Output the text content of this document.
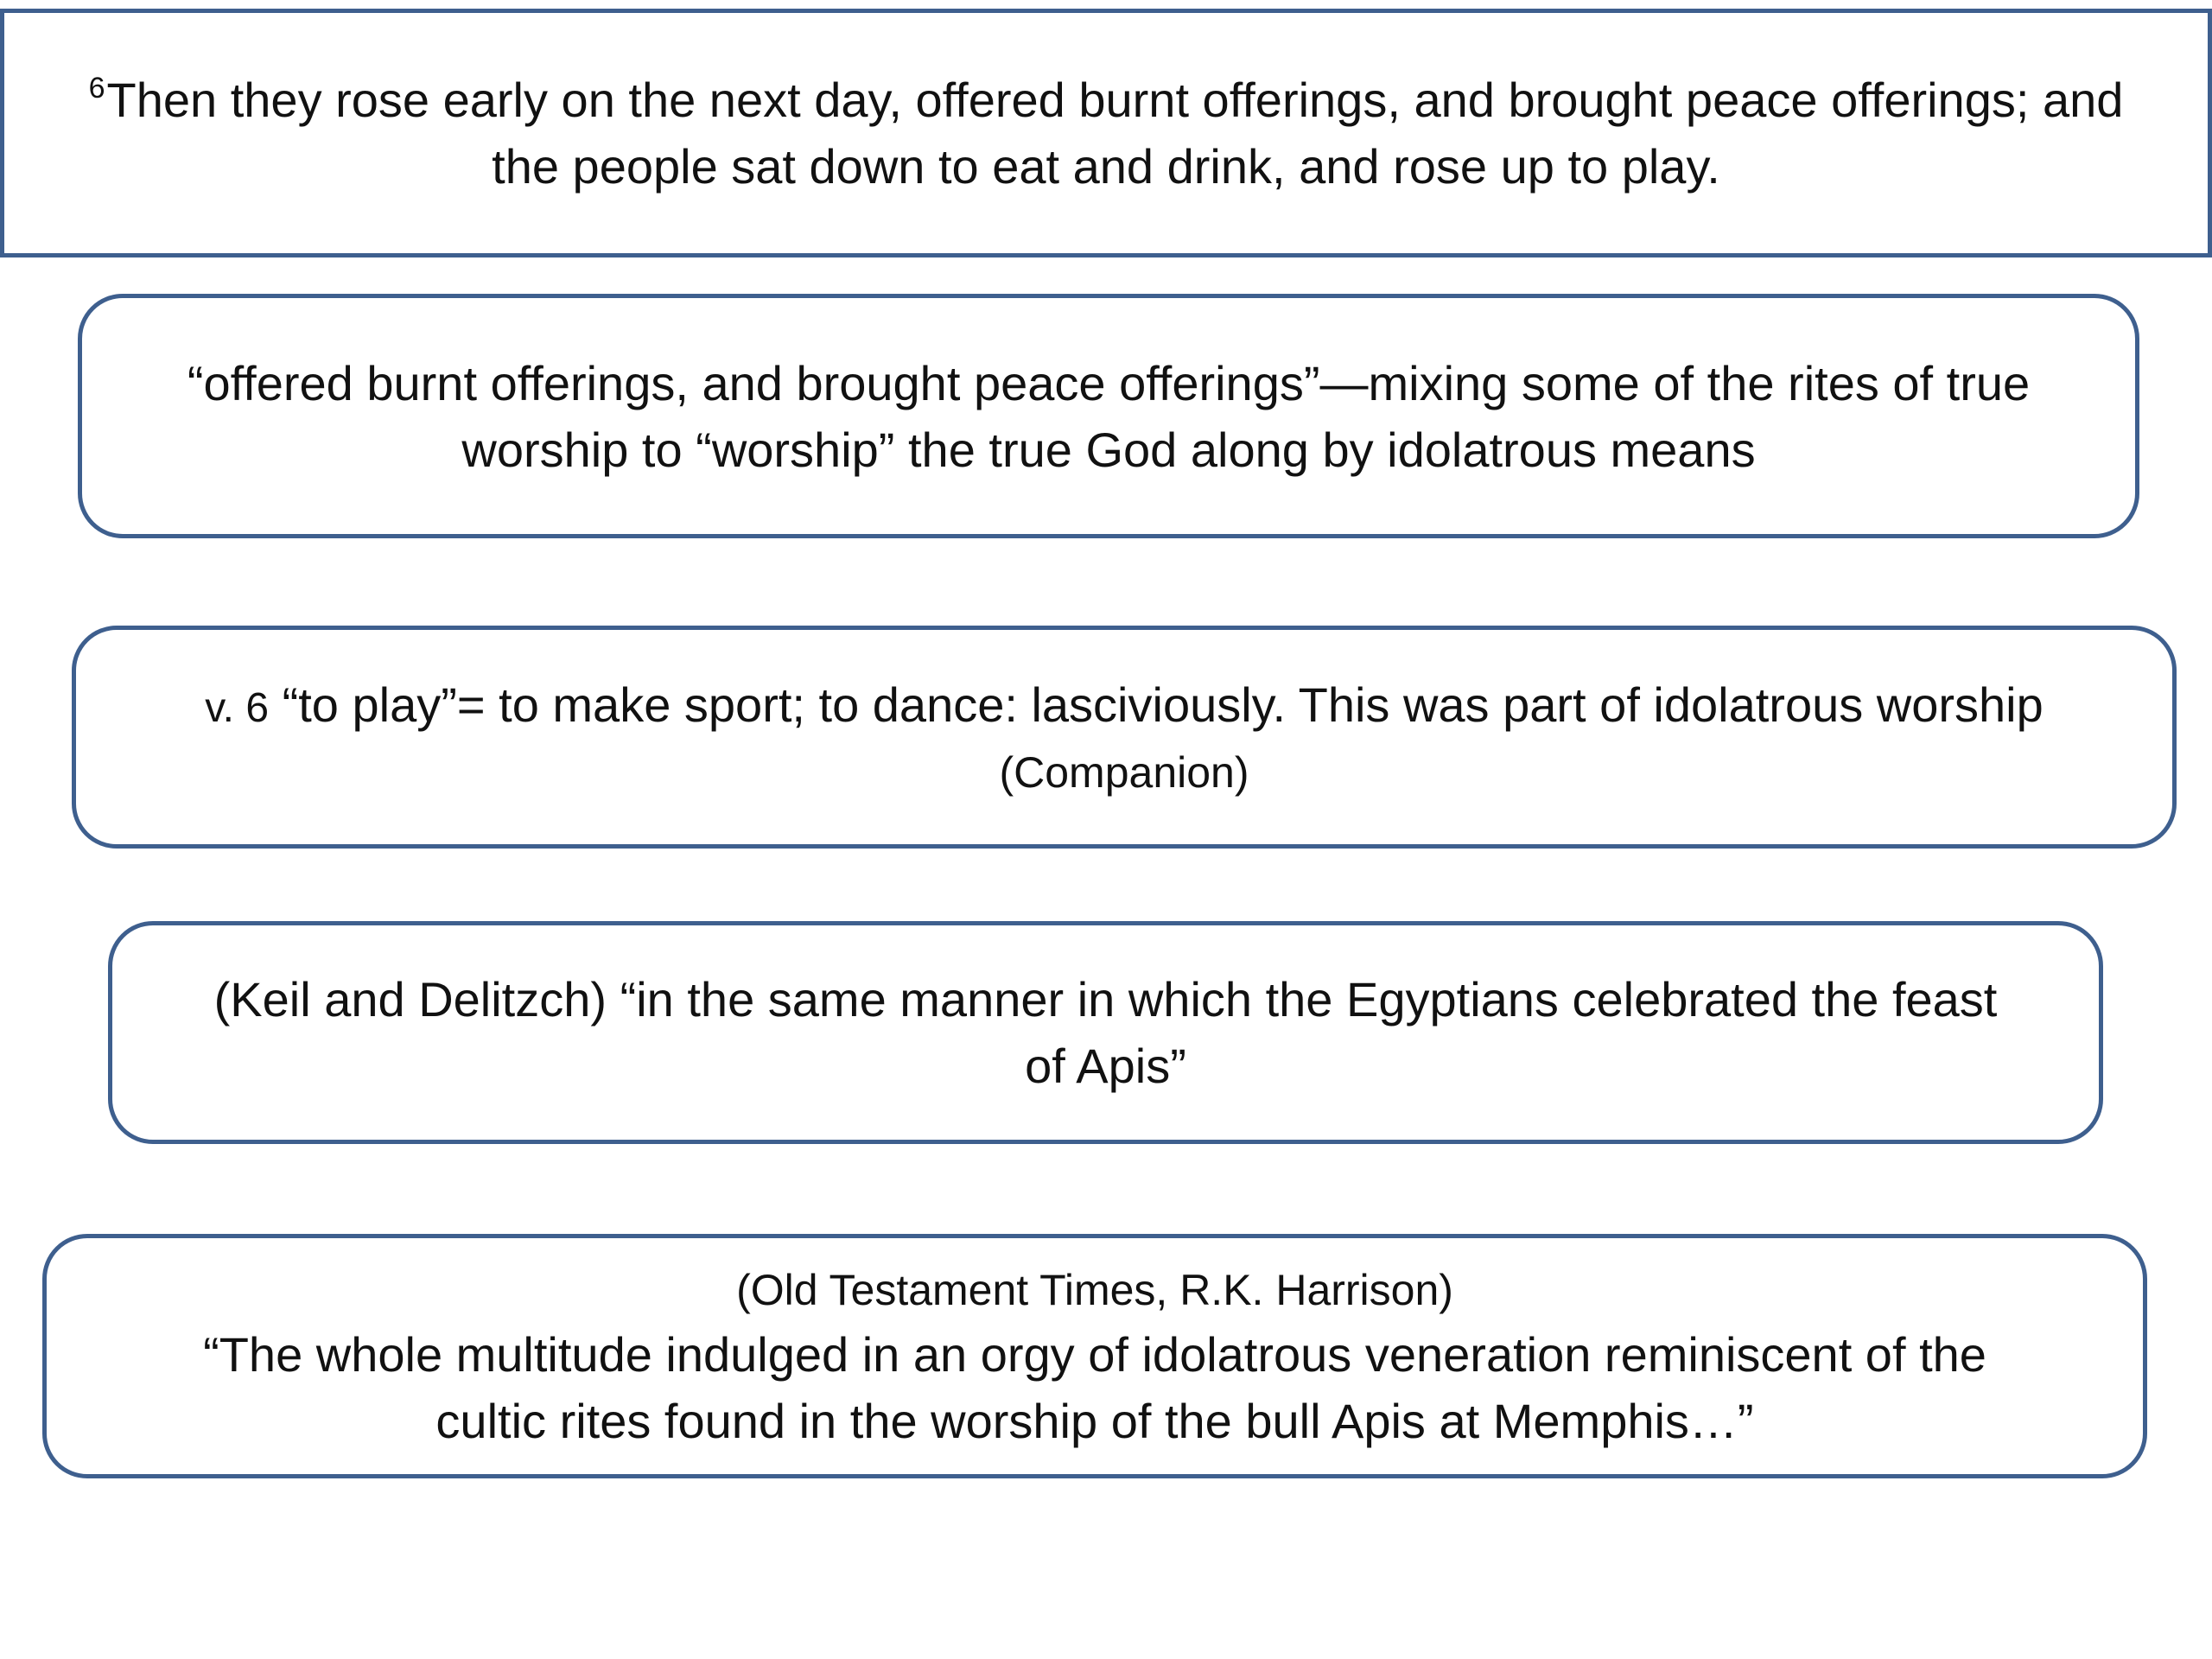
$^6$Then they rose early on the next day, offered burnt offerings, and brought peace offerings; and
the people sat down to eat and drink, and rose up to play.
“offered burnt offerings, and brought peace offerings”—mixing some of the rites of true
worship to “worship” the true God along by idolatrous means
v. 6 “to play”= to make sport; to dance: lasciviously. This was part of idolatrous worship
(Companion)
(Keil and Delitzch) “in the same manner in which the Egyptians celebrated the feast
of Apis”
(Old Testament Times, R.K. Harrison)
“The whole multitude indulged in an orgy of idolatrous veneration reminiscent of the
cultic rites found in the worship of the bull Apis at Memphis…”
